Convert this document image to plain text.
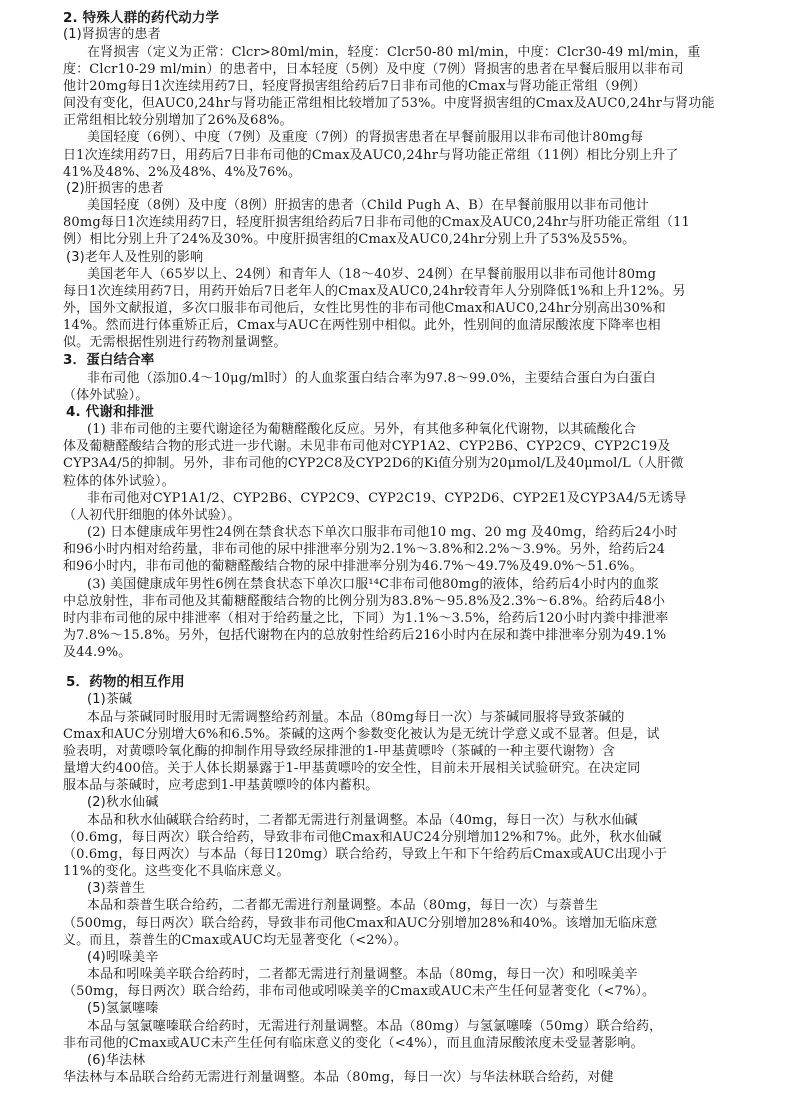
2. 特殊人群的药代动力学
(1)肾损害的患者
在肾损害（定义为正常：Clcr>80ml/min，轻度：Clcr50-80 ml/min，中度：Clcr30-49 ml/min，重
度：Clcr10-29 ml/min）的患者中，日本轻度（5例）及中度（7例）肾损害的患者在早餐后服用以非布司
他计20mg每日1次连续用药7日，轻度肾损害组给药后7日非布司他的Cmax与肾功能正常组（9例）
间没有变化，但AUC0,24hr与肾功能正常组相比较增加了53%。中度肾损害组的Cmax及AUC0,24hr与肾功能
正常组相比较分别增加了26%及68%。
美国轻度（6例）、中度（7例）及重度（7例）的肾损害患者在早餐前服用以非布司他计80mg每
日1次连续用药7日，用药后7日非布司他的Cmax及AUC0,24hr与肾功能正常组（11例）相比分别上升了
41%及48%、2%及48%、4%及76%。
(2)肝损害的患者
美国轻度（8例）及中度（8例）肝损害的患者（Child Pugh A、B）在早餐前服用以非布司他计
80mg每日1次连续用药7日，轻度肝损害组给药后7日非布司他的Cmax及AUC0,24hr与肝功能正常组（11
例）相比分别上升了24%及30%。中度肝损害组的Cmax及AUC0,24hr分别上升了53%及55%。
(3)老年人及性别的影响
美国老年人（65岁以上、24例）和青年人（18～40岁、24例）在早餐前服用以非布司他计80mg
每日1次连续用药7日，用药开始后7日老年人的Cmax及AUC0,24hr较青年人分别降低1%和上升12%。另
外，国外文献报道，多次口服非布司他后，女性比男性的非布司他Cmax和AUC0,24hr分别高出30%和
14%。然而进行体重矫正后，Cmax与AUC在两性别中相似。此外，性别间的血清尿酸浓度下降率也相
似。无需根据性别进行药物剂量调整。
3．蛋白结合率
非布司他（添加0.4～10μg/ml时）的人血浆蛋白结合率为97.8～99.0%，主要结合蛋白为白蛋白
（体外试验）。
4. 代谢和排泄
(1) 非布司他的主要代谢途径为葡糖醛酸化反应。另外，有其他多种氧化代谢物，以其硫酸化合
体及葡糖醛酸结合物的形式进一步代谢。未见非布司他对CYP1A2、CYP2B6、CYP2C9、CYP2C19及
CYP3A4/5的抑制。另外，非布司他的CYP2C8及CYP2D6的Ki值分别为20μmol/L及40μmol/L（人肝微
粒体的体外试验）。
非布司他对CYP1A1/2、CYP2B6、CYP2C9、CYP2C19、CYP2D6、CYP2E1及CYP3A4/5无诱导
（人初代肝细胞的体外试验）。
(2) 日本健康成年男性24例在禁食状态下单次口服非布司他10 mg、20 mg 及40mg，给药后24小时
和96小时内相对给药量，非布司他的尿中排泄率分别为2.1%～3.8%和2.2%～3.9%。另外，给药后24
和96小时内，非布司他的葡糖醛酸结合物的尿中排泄率分别为46.7%～49.7%及49.0%～51.6%。
(3) 美国健康成年男性6例在禁食状态下单次口服¹⁴C非布司他80mg的液体，给药后4小时内的血浆
中总放射性，非布司他及其葡糖醛酸结合物的比例分别为83.8%～95.8%及2.3%～6.8%。给药后48小
时内非布司他的尿中排泄率（相对于给药量之比，下同）为1.1%～3.5%，给药后120小时内粪中排泄率
为7.8%～15.8%。另外，包括代谢物在内的总放射性给药后216小时内在尿和粪中排泄率分别为49.1%
及44.9%。
5．药物的相互作用
(1)茶碱
本品与茶碱同时服用时无需调整给药剂量。本品（80mg每日一次）与茶碱同服将导致茶碱的
Cmax和AUC分别增大6%和6.5%。茶碱的这两个参数变化被认为是无统计学意义或不显著。但是，试
验表明，对黄嘌呤氧化酶的抑制作用导致经尿排泄的1-甲基黄嘌呤（茶碱的一种主要代谢物）含
量增大约400倍。关于人体长期暴露于1-甲基黄嘌呤的安全性，目前未开展相关试验研究。在决定同
服本品与茶碱时，应考虑到1-甲基黄嘌呤的体内蓄积。
(2)秋水仙碱
本品和秋水仙碱联合给药时，二者都无需进行剂量调整。本品（40mg，每日一次）与秋水仙碱
（0.6mg，每日两次）联合给药，导致非布司他Cmax和AUC24分别增加12%和7%。此外，秋水仙碱
（0.6mg，每日两次）与本品（每日120mg）联合给药，导致上午和下午给药后Cmax或AUC出现小于
11%的变化。这些变化不具临床意义。
(3)萘普生
本品和萘普生联合给药，二者都无需进行剂量调整。本品（80mg，每日一次）与萘普生
（500mg，每日两次）联合给药，导致非布司他Cmax和AUC分别增加28%和40%。该增加无临床意
义。而且，萘普生的Cmax或AUC均无显著变化（<2%）。
(4)吲哚美辛
本品和吲哚美辛联合给药时，二者都无需进行剂量调整。本品（80mg，每日一次）和吲哚美辛
（50mg，每日两次）联合给药，非布司他或吲哚美辛的Cmax或AUC未产生任何显著变化（<7%）。
(5)氢氯噻嗪
本品与氢氯噻嗪联合给药时，无需进行剂量调整。本品（80mg）与氢氯噻嗪（50mg）联合给药，
非布司他的Cmax或AUC未产生任何有临床意义的变化（<4%），而且血清尿酸浓度未受显著影响。
(6)华法林
华法林与本品联合给药无需进行剂量调整。本品（80mg，每日一次）与华法林联合给药，对健
